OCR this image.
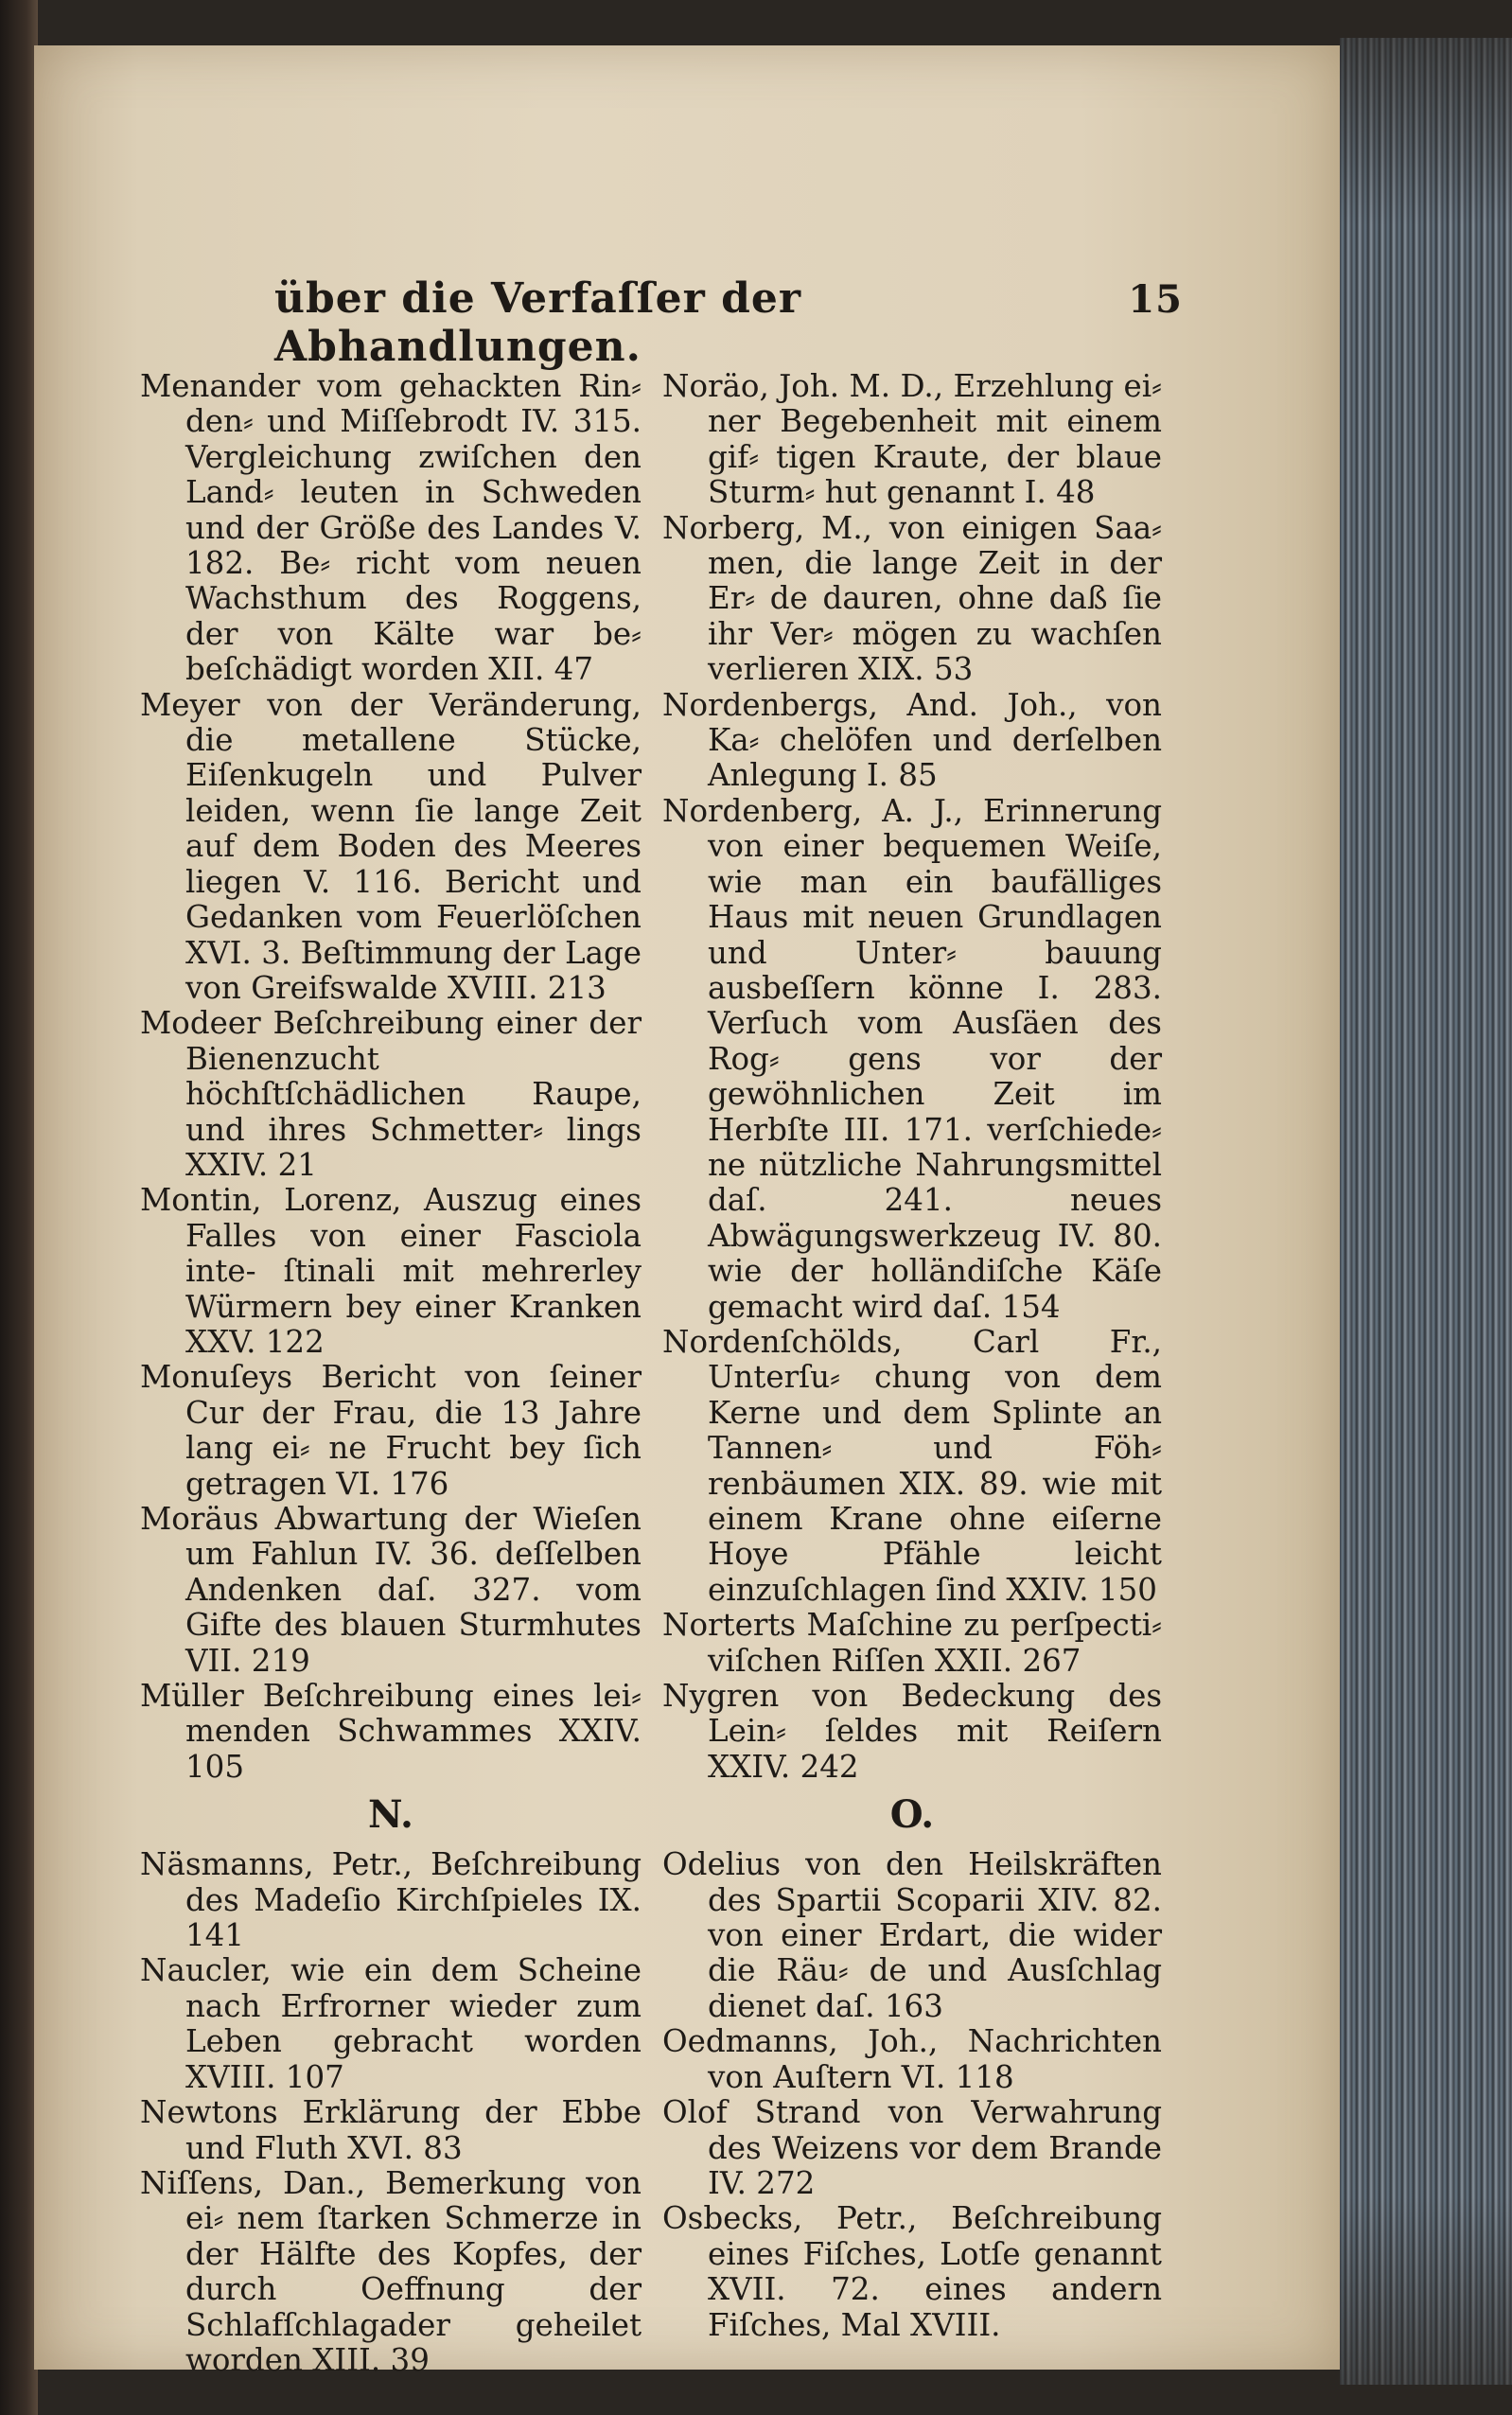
über die Verfaſſer der Abhandlungen.
15

Menander vom gehackten Rin⸗ den⸗ und Miſſebrodt IV. 315. Vergleichung zwiſchen den Land⸗ leuten in Schweden und der Größe des Landes V. 182. Be⸗ richt vom neuen Wachsthum des Roggens, der von Kälte war be⸗ beſchädigt worden XII. 47

Meyer von der Veränderung, die metallene Stücke, Eiſenkugeln und Pulver leiden, wenn ſie lange Zeit auf dem Boden des Meeres liegen V. 116. Bericht und Gedanken vom Feuerlöſchen XVI. 3. Beſtimmung der Lage von Greifswalde XVIII. 213

Modeer Beſchreibung einer der Bienenzucht höchſtſchädlichen Raupe, und ihres Schmetter⸗ lings XXIV. 21

Montin, Lorenz, Auszug eines Falles von einer Fasciola inte- ſtinali mit mehrerley Würmern bey einer Kranken XXV. 122

Monuſeys Bericht von ſeiner Cur der Frau, die 13 Jahre lang ei⸗ ne Frucht bey ſich getragen VI. 176

Moräus Abwartung der Wieſen um Fahlun IV. 36. deſſelben Andenken daſ. 327. vom Gifte des blauen Sturmhutes VII. 219

Müller Beſchreibung eines lei⸗ menden Schwammes XXIV. 105

N.

Näsmanns, Petr., Beſchreibung des Madeſio Kirchſpieles IX. 141

Naucler, wie ein dem Scheine nach Erfrorner wieder zum Leben gebracht worden XVIII. 107

Newtons Erklärung der Ebbe und Fluth XVI. 83

Niſſens, Dan., Bemerkung von ei⸗ nem ſtarken Schmerze in der Hälfte des Kopfes, der durch Oeffnung der Schlafſchlagader geheilet worden XIII. 39

Noräo, Joh. M. D., Erzehlung ei⸗ ner Begebenheit mit einem gif⸗ tigen Kraute, der blaue Sturm⸗ hut genannt I. 48

Norberg, M., von einigen Saa⸗ men, die lange Zeit in der Er⸗ de dauren, ohne daß ſie ihr Ver⸗ mögen zu wachſen verlieren XIX. 53

Nordenbergs, And. Joh., von Ka⸗ chelöfen und derſelben Anlegung I. 85

Nordenberg, A. J., Erinnerung von einer bequemen Weiſe, wie man ein baufälliges Haus mit neuen Grundlagen und Unter⸗ bauung ausbeſſern könne I. 283. Verſuch vom Ausſäen des Rog⸗ gens vor der gewöhnlichen Zeit im Herbſte III. 171. verſchiede⸗ ne nützliche Nahrungsmittel daſ. 241. neues Abwägungswerkzeug IV. 80. wie der holländiſche Käſe gemacht wird daſ. 154

Nordenſchölds, Carl Fr., Unterſu⸗ chung von dem Kerne und dem Splinte an Tannen⸗ und Föh⸗ renbäumen XIX. 89. wie mit einem Krane ohne eiſerne Hoye Pfähle leicht einzuſchlagen ſind XXIV. 150

Norterts Maſchine zu perſpecti⸗ viſchen Riſſen XXII. 267

Nygren von Bedeckung des Lein⸗ ſeldes mit Reiſern XXIV. 242

O.

Odelius von den Heilskräften des Spartii Scoparii XIV. 82. von einer Erdart, die wider die Räu⸗ de und Ausſchlag dienet daſ. 163

Oedmanns, Joh., Nachrichten von Auſtern VI. 118

Olof Strand von Verwahrung des Weizens vor dem Brande IV. 272

Osbecks, Petr., Beſchreibung eines Fiſches, Lotſe genannt XVII. 72. eines andern Fiſches, Mal XVIII.
